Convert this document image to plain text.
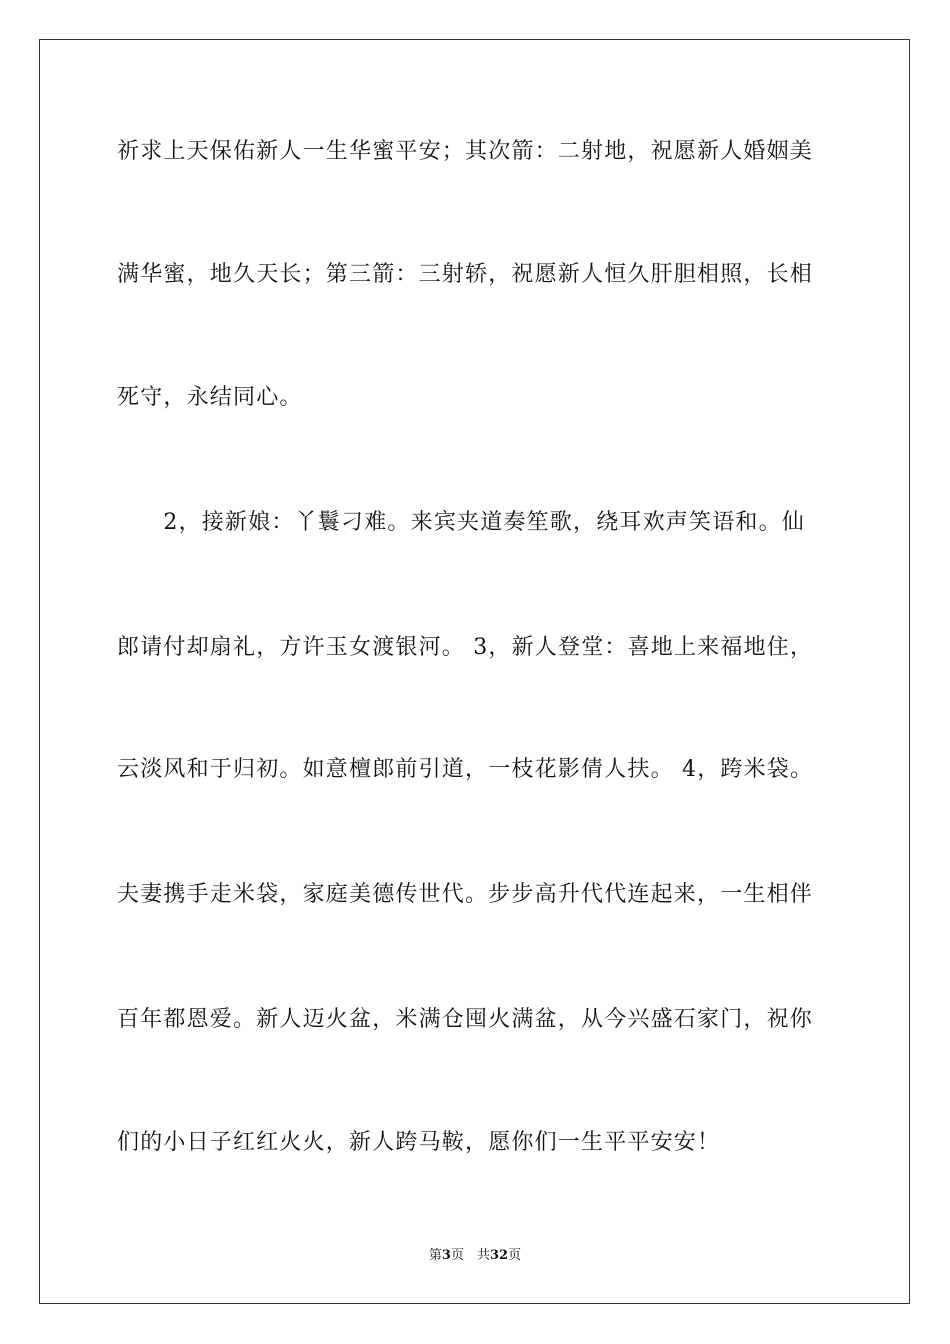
祈求上天保佑新人一生华蜜平安；其次箭：二射地，祝愿新人婚姻美
满华蜜，地久天长；第三箭：三射轿，祝愿新人恒久肝胆相照，长相
死守，永结同心。
　　2，接新娘：丫鬟刁难。来宾夹道奏笙歌，绕耳欢声笑语和。仙
郎请付却扇礼，方许玉女渡银河。 3，新人登堂：喜地上来福地住，
云淡风和于归初。如意檀郎前引道，一枝花影倩人扶。 4，跨米袋。
夫妻携手走米袋，家庭美德传世代。步步高升代代连起来，一生相伴
百年都恩爱。新人迈火盆，米满仓囤火满盆，从今兴盛石家门，祝你
们的小日子红红火火，新人跨马鞍，愿你们一生平平安安！
第3页　共32页
